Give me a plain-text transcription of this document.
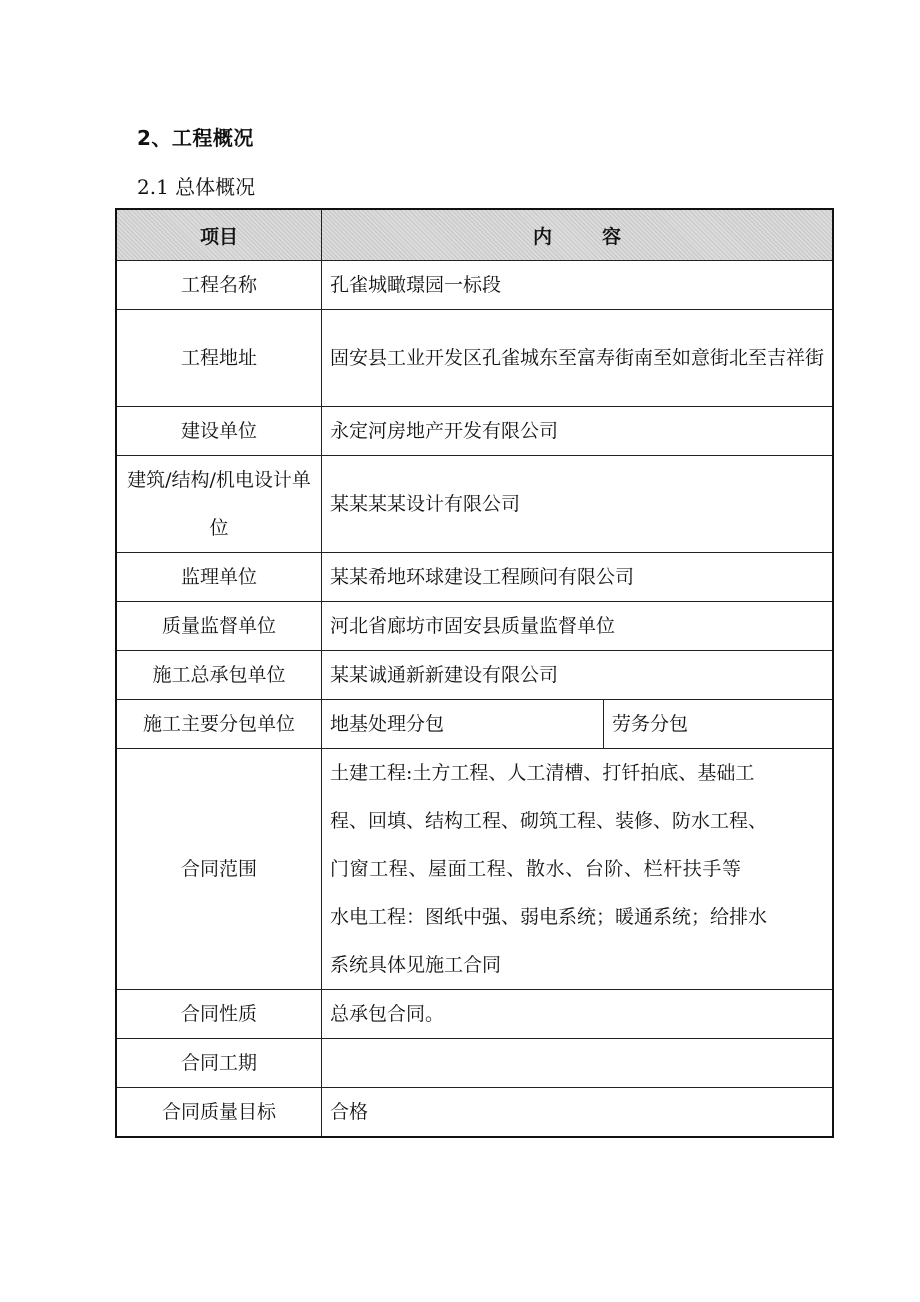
2、工程概况
2.1 总体概况
项目	内容	
工程名称	孔雀城瞰璟园一标段	
工程地址	固安县工业开发区孔雀城东至富寿街南至如意街北至吉祥街	
建设单位	永定河房地产开发有限公司	
建筑/结构/机电设计单位	某某某某设计有限公司	
监理单位	某某希地环球建设工程顾问有限公司	
质量监督单位	河北省廊坊市固安县质量监督单位	
施工总承包单位	某某诚通新新建设有限公司	
施工主要分包单位	地基处理分包	劳务分包
合同范围	土建工程:土方工程、人工清槽、打钎拍底、基础工
程、回填、结构工程、砌筑工程、装修、防水工程、
门窗工程、屋面工程、散水、台阶、栏杆扶手等
水电工程：图纸中强、弱电系统；暖通系统；给排水
系统具体见施工合同	

合同性质	总承包合同。	
合同工期		
合同质量目标	合格	
